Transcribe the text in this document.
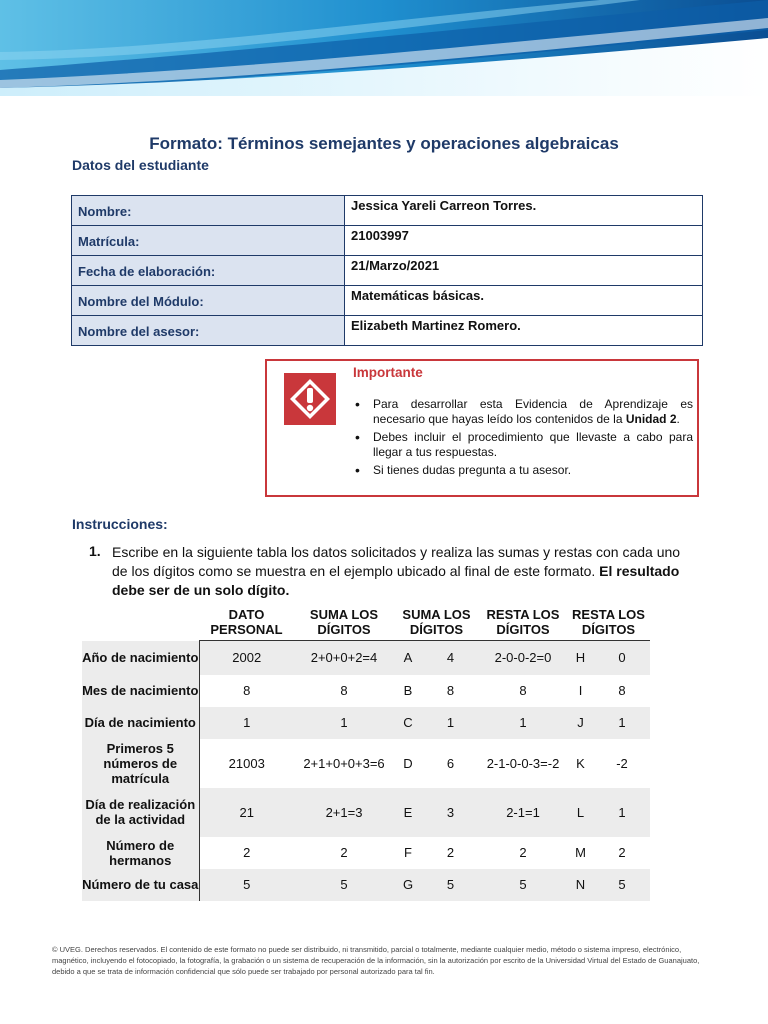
Formato: Términos semejantes y operaciones algebraicas
Datos del estudiante
Nombre:	Jessica Yareli Carreon Torres.
Matrícula:	21003997
Fecha de elaboración:	21/Marzo/2021
Nombre del Módulo:	Matemáticas básicas.
Nombre del asesor:	Elizabeth Martinez Romero.
Importante
• Para desarrollar esta Evidencia de Aprendizaje es necesario que hayas leído los contenidos de la Unidad 2.
• Debes incluir el procedimiento que llevaste a cabo para llegar a tus respuestas.
• Si tienes dudas pregunta a tu asesor.
Instrucciones:
1. Escribe en la siguiente tabla los datos solicitados y realiza las sumas y restas con cada uno de los dígitos como se muestra en el ejemplo ubicado al final de este formato. El resultado debe ser de un solo dígito.
	DATO PERSONAL	SUMA LOS DÍGITOS	SUMA LOS DÍGITOS		RESTA LOS DÍGITOS	RESTA LOS DÍGITOS	
Año de nacimiento	2002	2+0+0+2=4	A	4	2-0-0-2=0	H	0
Mes de nacimiento	8	8	B	8	8	I	8
Día de nacimiento	1	1	C	1	1	J	1
Primeros 5 números de matrícula	21003	2+1+0+0+3=6	D	6	2-1-0-0-3=-2	K	-2
Día de realización de la actividad	21	2+1=3	E	3	2-1=1	L	1
Número de hermanos	2	2	F	2	2	M	2
Número de tu casa	5	5	G	5	5	N	5
© UVEG. Derechos reservados. El contenido de este formato no puede ser distribuido, ni transmitido, parcial o totalmente, mediante cualquier medio, método o sistema impreso, electrónico, magnético, incluyendo el fotocopiado, la fotografía, la grabación o un sistema de recuperación de la información, sin la autorización por escrito de la Universidad Virtual del Estado de Guanajuato, debido a que se trata de información confidencial que sólo puede ser trabajado por personal autorizado para tal fin.
